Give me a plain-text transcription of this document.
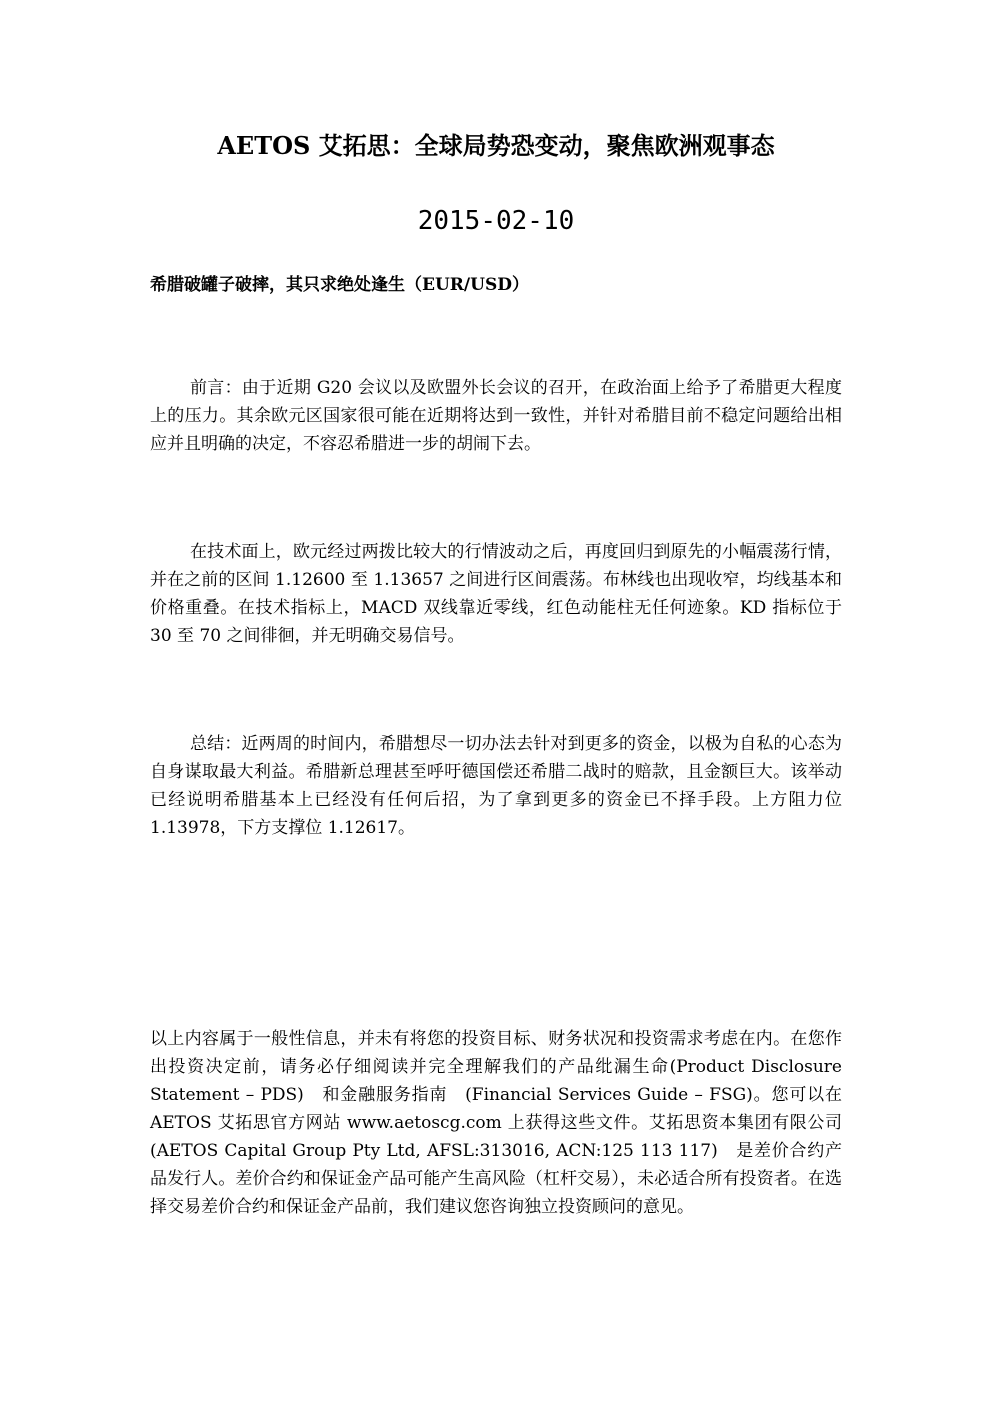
AETOS 艾拓思：全球局势恐变动，聚焦欧洲观事态
2015-02-10
希腊破罐子破摔，其只求绝处逢生（EUR/USD）

前言：由于近期 G20 会议以及欧盟外长会议的召开，在政治面上给予了希腊更大程度上的压力。其余欧元区国家很可能在近期将达到一致性，并针对希腊目前不稳定问题给出相应并且明确的决定，不容忍希腊进一步的胡闹下去。

在技术面上，欧元经过两拨比较大的行情波动之后，再度回归到原先的小幅震荡行情，并在之前的区间 1.12600 至 1.13657 之间进行区间震荡。布林线也出现收窄，均线基本和价格重叠。在技术指标上，MACD 双线靠近零线，红色动能柱无任何迹象。KD 指标位于 30 至 70 之间徘徊，并无明确交易信号。

总结：近两周的时间内，希腊想尽一切办法去针对到更多的资金，以极为自私的心态为自身谋取最大利益。希腊新总理甚至呼吁德国偿还希腊二战时的赔款，且金额巨大。该举动已经说明希腊基本上已经没有任何后招，为了拿到更多的资金已不择手段。上方阻力位 1.13978，下方支撑位 1.12617。

以上内容属于一般性信息，并未有将您的投资目标、财务状况和投资需求考虑在内。在您作出投资决定前，请务必仔细阅读并完全理解我们的产品纰漏生命(Product Disclosure Statement – PDS)　和金融服务指南　(Financial Services Guide – FSG)。您可以在 AETOS 艾拓思官方网站 www.aetoscg.com 上获得这些文件。艾拓思资本集团有限公司(AETOS Capital Group Pty Ltd, AFSL:313016, ACN:125 113 117)　是差价合约产品发行人。差价合约和保证金产品可能产生高风险（杠杆交易），未必适合所有投资者。在选择交易差价合约和保证金产品前，我们建议您咨询独立投资顾问的意见。
